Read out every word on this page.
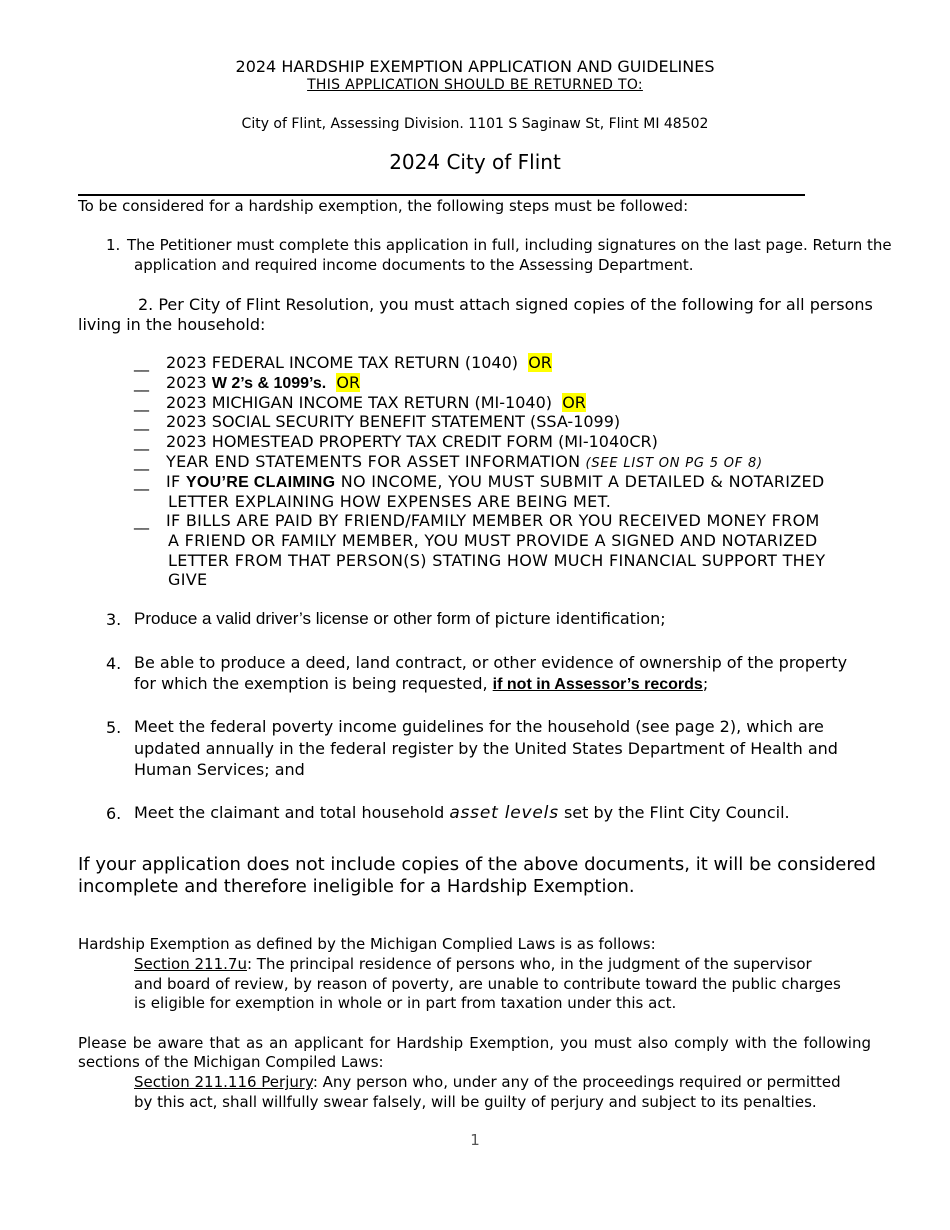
2024 HARDSHIP EXEMPTION APPLICATION AND GUIDELINES
THIS APPLICATION SHOULD BE RETURNED TO:
City of Flint, Assessing Division. 1101 S Saginaw St, Flint MI 48502
2024 City of Flint
To be considered for a hardship exemption, the following steps must be followed:
1. The Petitioner must complete this application in full, including signatures on the last page. Return the
application and required income documents to the Assessing Department.
2. Per City of Flint Resolution, you must attach signed copies of the following for all persons
living in the household:
__ 2023 FEDERAL INCOME TAX RETURN (1040) OR
__ 2023 W 2’s & 1099’s. OR
__ 2023 MICHIGAN INCOME TAX RETURN (MI-1040) OR
__ 2023 SOCIAL SECURITY BENEFIT STATEMENT (SSA-1099)
__ 2023 HOMESTEAD PROPERTY TAX CREDIT FORM (MI-1040CR)
__ YEAR END STATEMENTS FOR ASSET INFORMATION (SEE LIST ON PG 5 OF 8)
__ IF YOU’RE CLAIMING NO INCOME, YOU MUST SUBMIT A DETAILED & NOTARIZED
LETTER EXPLAINING HOW EXPENSES ARE BEING MET.
__ IF BILLS ARE PAID BY FRIEND/FAMILY MEMBER OR YOU RECEIVED MONEY FROM
A FRIEND OR FAMILY MEMBER, YOU MUST PROVIDE A SIGNED AND NOTARIZED
LETTER FROM THAT PERSON(S) STATING HOW MUCH FINANCIAL SUPPORT THEY
GIVE
3. Produce a valid driver’s license or other form of picture identification;
4. Be able to produce a deed, land contract, or other evidence of ownership of the property
for which the exemption is being requested, if not in Assessor’s records;
5. Meet the federal poverty income guidelines for the household (see page 2), which are
updated annually in the federal register by the United States Department of Health and
Human Services; and
6. Meet the claimant and total household asset levels set by the Flint City Council.
If your application does not include copies of the above documents, it will be considered
incomplete and therefore ineligible for a Hardship Exemption.
Hardship Exemption as defined by the Michigan Complied Laws is as follows:
Section 211.7u: The principal residence of persons who, in the judgment of the supervisor
and board of review, by reason of poverty, are unable to contribute toward the public charges
is eligible for exemption in whole or in part from taxation under this act.
Please be aware that as an applicant for Hardship Exemption, you must also comply with the following
sections of the Michigan Compiled Laws:
Section 211.116 Perjury: Any person who, under any of the proceedings required or permitted
by this act, shall willfully swear falsely, will be guilty of perjury and subject to its penalties.
1
